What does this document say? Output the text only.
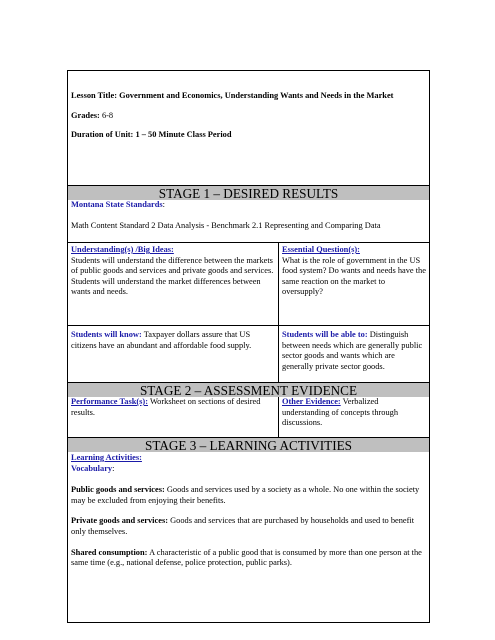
Lesson Title: Government and Economics, Understanding Wants and Needs in the Market

Grades: 6-8

Duration of Unit: 1 – 50 Minute Class Period

STAGE 1 – DESIRED RESULTS

Montana State Standards:

Math Content Standard 2 Data Analysis - Benchmark 2.1 Representing and Comparing Data

Understanding(s) /Big Ideas:

Students will understand the difference between the markets of public goods and services and private goods and services. Students will understand the market differences between wants and needs.

Essential Question(s):

What is the role of government in the US food system? Do wants and needs have the same reaction on the market to oversupply?

Students will know: Taxpayer dollars assure that US citizens have an abundant and affordable food supply.

Students will be able to: Distinguish between needs which are generally public sector goods and wants which are generally private sector goods.

STAGE 2 – ASSESSMENT EVIDENCE

Performance Task(s): Worksheet on sections of desired results.

Other Evidence: Verbalized understanding of concepts through discussions.

STAGE 3 – LEARNING ACTIVITIES

Learning Activities:

Vocabulary:

Public goods and services: Goods and services used by a society as a whole. No one within the society may be excluded from enjoying their benefits.

Private goods and services: Goods and services that are purchased by households and used to benefit only themselves.

Shared consumption: A characteristic of a public good that is consumed by more than one person at the same time (e.g., national defense, police protection, public parks).
